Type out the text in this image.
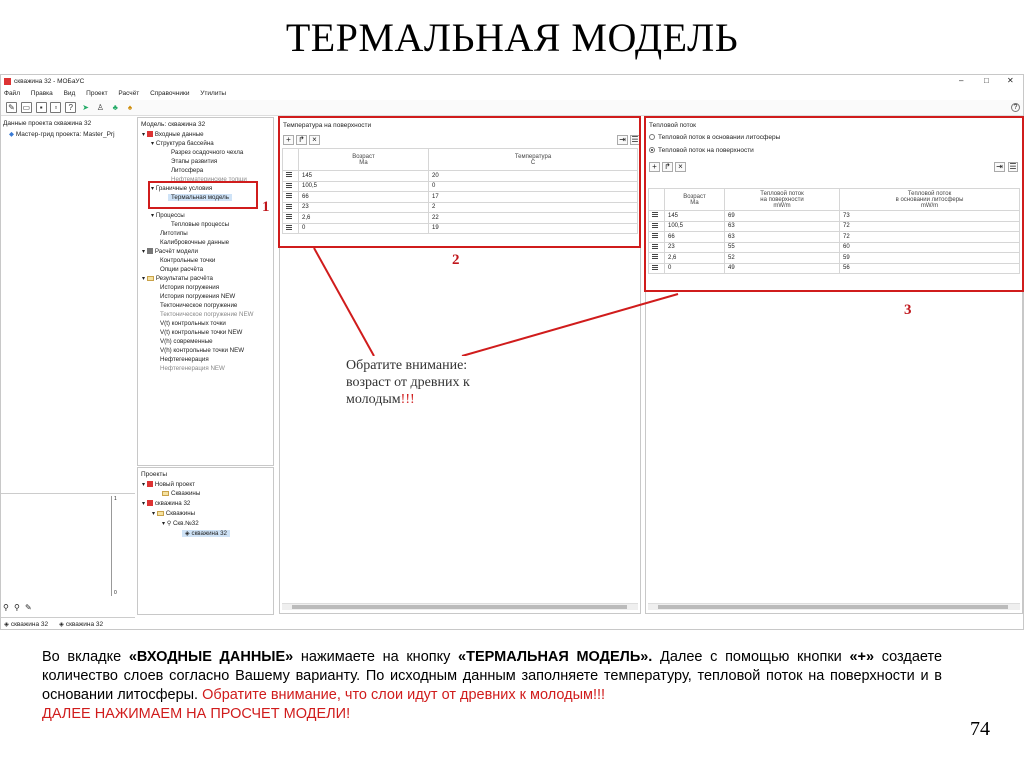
ТЕРМАЛЬНАЯ МОДЕЛЬ
скважина 32 - МОБаУС	–	□ ✕
Файл Правка Вид Проект Расчёт Справочники Утилиты
✎ ▭ ▪ ▫ ? ➤ ♙ ♣ ♠	?
Данные проекта скважина 32
◆ Мастер-грид проекта: Master_Prj
1
0
⚲ ⚲ ✎
◈ скважина 32 ◈ скважина 32
Модель: скважина 32
▾ Входные данные
▾ Структура бассейна
Разрез осадочного чехла
Этапы развития
Литосфера
Нефтематеринские толщи
▾ Граничные условия
Термальная модель
▾ Процессы
Тепловые процессы
Литотипы
Калибровочные данные
▾ Расчёт модели
Контрольные точки
Опции расчёта
▾ Результаты расчёта
История погружения
История погружения NEW
Тектоническое погружение
Тектоническое погружение NEW
V(t) контрольных точки
V(t) контрольные точки NEW
V(h) современные
V(h) контрольные точки NEW
Нефтегенерация
Нефтегенерация NEW
Проекты
▾ Новый проект
Скважины
▾ скважина 32
▾ Скважины
▾ ⚲ Скв.№32
◈ скважина 32
Температура на поверхности
+ ↱ ×	⇥ ☰
	Возраст
Ма	Температура
C
	145	20
	100,5	0
	66	17
	23	2
	2,6	22
	0	19
Тепловой поток
Тепловой поток в основании литосферы
Тепловой поток на поверхности
+ ↱ ×	⇥ ☰
	Возраст
Ма	Тепловой поток
на поверхности
mW/m	Тепловой поток
в основании литосферы
mW/m
	145	69	73
	100,5	63	72
	66	63	72
	23	55	60
	2,6	52	59
	0	49	56
1
2
3
Обратите внимание:
возраст от древних к
молодым!!!
Во вкладке «ВХОДНЫЕ ДАННЫЕ» нажимаете на кнопку «ТЕРМАЛЬНАЯ МОДЕЛЬ». Далее с помощью кнопки «+» создаете количество слоев согласно Вашему варианту. По исходным данным заполняете температуру, тепловой поток на поверхности и в основании литосферы. Обратите внимание, что слои идут от древних к молодым!!!
ДАЛЕЕ НАЖИМАЕМ НА ПРОСЧЕТ МОДЕЛИ!
74
